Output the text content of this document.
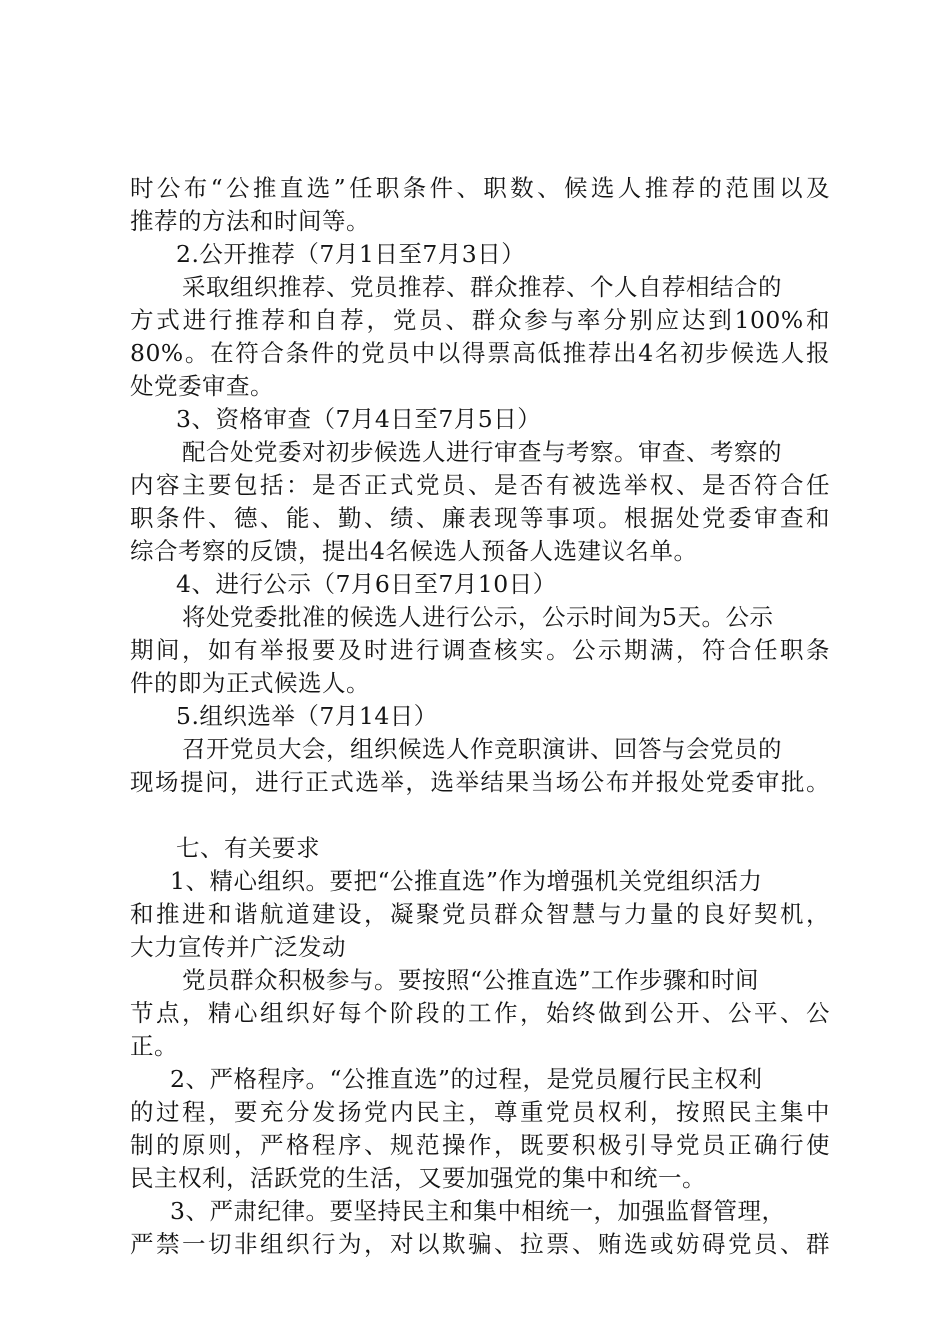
时公布“公推直选”任职条件、职数、候选人推荐的范围以及

推荐的方法和时间等。

2.公开推荐（7月1日至7月3日）

采取组织推荐、党员推荐、群众推荐、个人自荐相结合的

方式进行推荐和自荐，党员、群众参与率分别应达到100%和

80%。在符合条件的党员中以得票高低推荐出4名初步候选人报

处党委审查。

3、资格审查（7月4日至7月5日）

配合处党委对初步候选人进行审查与考察。审查、考察的

内容主要包括：是否正式党员、是否有被选举权、是否符合任

职条件、德、能、勤、绩、廉表现等事项。根据处党委审查和

综合考察的反馈，提出4名候选人预备人选建议名单。

4、进行公示（7月6日至7月10日）

将处党委批准的候选人进行公示，公示时间为5天。公示

期间，如有举报要及时进行调查核实。公示期满，符合任职条

件的即为正式候选人。

5.组织选举（7月14日）

召开党员大会，组织候选人作竞职演讲、回答与会党员的

现场提问，进行正式选举，选举结果当场公布并报处党委审批。

七、有关要求

1、精心组织。要把“公推直选”作为增强机关党组织活力

和推进和谐航道建设，凝聚党员群众智慧与力量的良好契机，

大力宣传并广泛发动

党员群众积极参与。要按照“公推直选”工作步骤和时间

节点，精心组织好每个阶段的工作，始终做到公开、公平、公

正。

2、严格程序。“公推直选”的过程，是党员履行民主权利

的过程，要充分发扬党内民主，尊重党员权利，按照民主集中

制的原则，严格程序、规范操作，既要积极引导党员正确行使

民主权利，活跃党的生活，又要加强党的集中和统一。

3、严肃纪律。要坚持民主和集中相统一，加强监督管理，

严禁一切非组织行为，对以欺骗、拉票、贿选或妨碍党员、群
